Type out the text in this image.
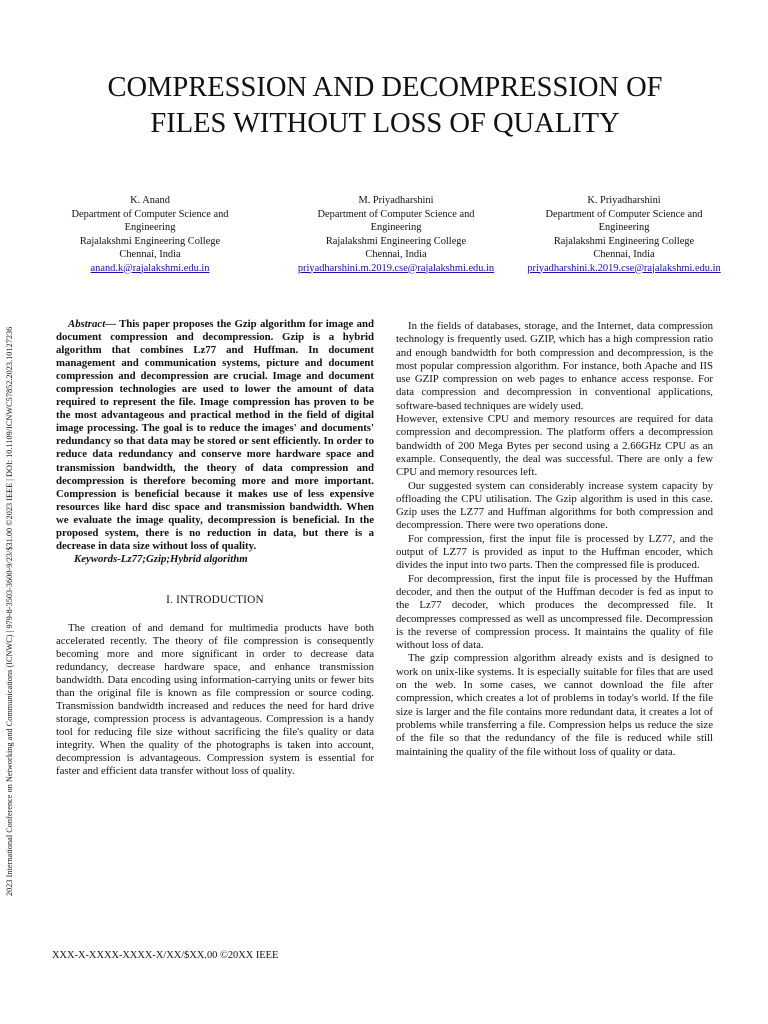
2023 International Conference on Networking and Communications (ICNWC) | 979-8-3503-3600-9/23/$31.00 ©2023 IEEE | DOI: 10.1109/ICNWC57852.2023.10127236
COMPRESSION AND DECOMPRESSION OF
FILES WITHOUT LOSS OF QUALITY
K. Anand
Department of Computer Science and Engineering
Rajalakshmi Engineering College
Chennai, India
anand.k@rajalakshmi.edu.in
M. Priyadharshini
Department of Computer Science and Engineering
Rajalakshmi Engineering College
Chennai, India
priyadharshini.m.2019.cse@rajalakshmi.edu.in
K. Priyadharshini
Department of Computer Science and Engineering
Rajalakshmi Engineering College
Chennai, India
priyadharshini.k.2019.cse@rajalakshmi.edu.in

Abstract— This paper proposes the Gzip algorithm for image and document compression and decompression. Gzip is a hybrid algorithm that combines Lz77 and Huffman. In document management and communication systems, picture and document compression and decompression are crucial. Image and document compression technologies are used to lower the amount of data required to represent the file. Image compression has proven to be the most advantageous and practical method in the field of digital image processing. The goal is to reduce the images' and documents' redundancy so that data may be stored or sent efficiently. In order to reduce data redundancy and conserve more hardware space and transmission bandwidth, the theory of data compression and decompression is therefore becoming more and more important. Compression is beneficial because it makes use of less expensive resources like hard disc space and transmission bandwidth. When we evaluate the image quality, decompression is beneficial. In the proposed system, there is no reduction in data, but there is a decrease in data size without loss of quality.

Keywords-Lz77;Gzip;Hybrid algorithm

I. INTRODUCTION

The creation of and demand for multimedia products have both accelerated recently. The theory of file compression is consequently becoming more and more significant in order to decrease data redundancy, decrease hardware space, and enhance transmission bandwidth. Data encoding using information-carrying units or fewer bits than the original file is known as file compression or source coding. Transmission bandwidth increased and reduces the need for hard drive storage, compression process is advantageous. Compression is a handy tool for reducing file size without sacrificing the file's quality or data integrity. When the quality of the photographs is taken into account, decompression is advantageous. Compression system is essential for faster and efficient data transfer without loss of quality.

In the fields of databases, storage, and the Internet, data compression technology is frequently used. GZIP, which has a high compression ratio and enough bandwidth for both compression and decompression, is the most popular compression algorithm. For instance, both Apache and IIS use GZIP compression on web pages to enhance access response. For data compression and decompression in conventional applications, software-based techniques are widely used.

However, extensive CPU and memory resources are required for data compression and decompression. The platform offers a decompression bandwidth of 200 Mega Bytes per second using a 2.66GHz CPU as an example. Consequently, the deal was successful. There are only a few CPU and memory resources left.

Our suggested system can considerably increase system capacity by offloading the CPU utilisation. The Gzip algorithm is used in this case. Gzip uses the LZ77 and Huffman algorithms for both compression and decompression. There were two operations done.

For compression, first the input file is processed by LZ77, and the output of LZ77 is provided as input to the Huffman encoder, which divides the input into two parts. Then the compressed file is produced.

For decompression, first the input file is processed by the Huffman decoder, and then the output of the Huffman decoder is fed as input to the Lz77 decoder, which produces the decompressed file. It decompresses compressed as well as uncompressed file. Decompression is the reverse of compression process. It maintains the quality of file without loss of data.

The gzip compression algorithm already exists and is designed to work on unix-like systems. It is especially suitable for files that are used on the web. In some cases, we cannot download the file after compression, which creates a lot of problems in today's world. If the file size is larger and the file contains more redundant data, it creates a lot of problems while transferring a file. Compression helps us reduce the size of the file so that the redundancy of the file is reduced while still maintaining the quality of the file without loss of quality or data.

XXX-X-XXXX-XXXX-X/XX/$XX.00 ©20XX IEEE
